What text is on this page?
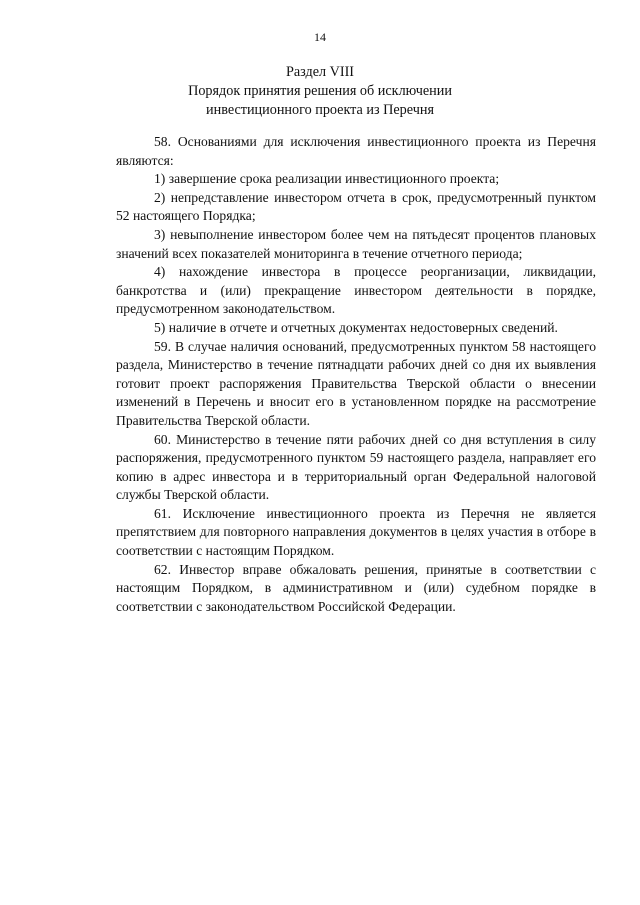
14
Раздел VIII
Порядок принятия решения об исключении
инвестиционного проекта из Перечня

58. Основаниями для исключения инвестиционного проекта из Перечня являются:

1) завершение срока реализации инвестиционного проекта;

2) непредставление инвестором отчета в срок, предусмотренный пунктом 52 настоящего Порядка;

3) невыполнение инвестором более чем на пятьдесят процентов плановых значений всех показателей мониторинга в течение отчетного периода;

4) нахождение инвестора в процессе реорганизации, ликвидации, банкротства и (или) прекращение инвестором деятельности в порядке, предусмотренном законодательством.

5) наличие в отчете и отчетных документах недостоверных сведений.

59. В случае наличия оснований, предусмотренных пунктом 58 настоящего раздела, Министерство в течение пятнадцати рабочих дней со дня их выявления готовит проект распоряжения Правительства Тверской области о внесении изменений в Перечень и вносит его в установленном порядке на рассмотрение Правительства Тверской области.

60. Министерство в течение пяти рабочих дней со дня вступления в силу распоряжения, предусмотренного пунктом 59 настоящего раздела, направляет его копию в адрес инвестора и в территориальный орган Федеральной налоговой службы Тверской области.

61. Исключение инвестиционного проекта из Перечня не является препятствием для повторного направления документов в целях участия в отборе в соответствии с настоящим Порядком.

62. Инвестор вправе обжаловать решения, принятые в соответствии с настоящим Порядком, в административном и (или) судебном порядке в соответствии с законодательством Российской Федерации.
